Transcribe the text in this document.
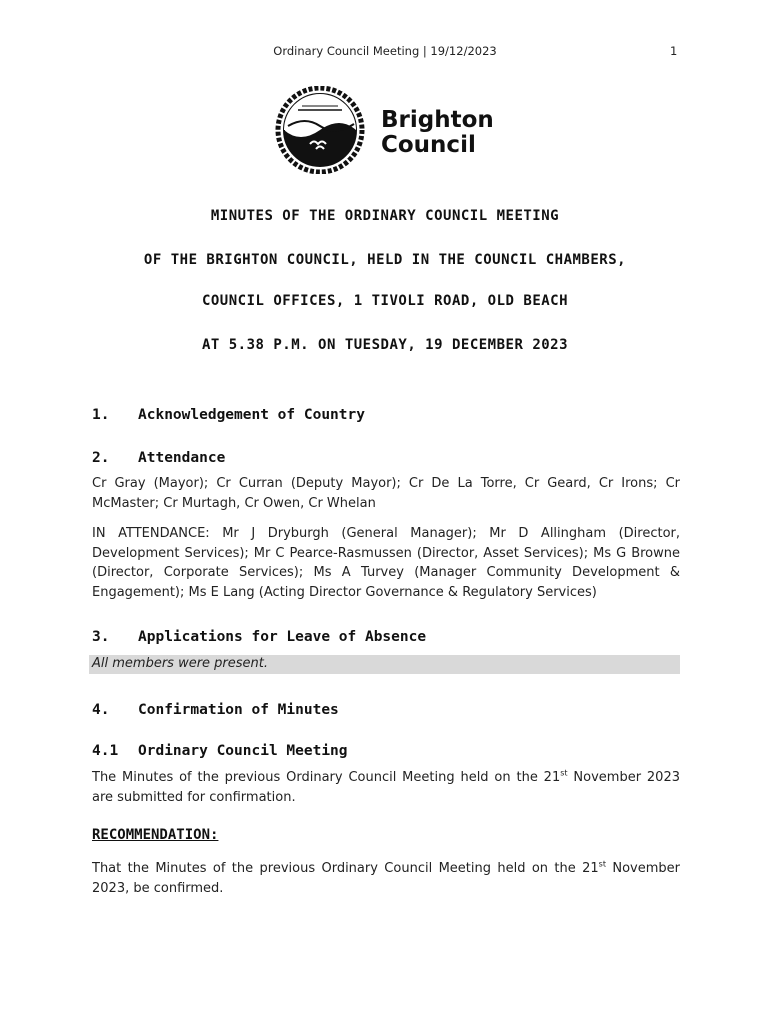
Ordinary Council Meeting | 19/12/2023	1
Brighton
Council
MINUTES OF THE ORDINARY COUNCIL MEETING
OF THE BRIGHTON COUNCIL, HELD IN THE COUNCIL CHAMBERS,
COUNCIL OFFICES, 1 TIVOLI ROAD, OLD BEACH
AT 5.38 P.M. ON TUESDAY, 19 DECEMBER 2023
1. Acknowledgement of Country
2. Attendance
Cr Gray (Mayor); Cr Curran (Deputy Mayor); Cr De La Torre, Cr Geard, Cr Irons; Cr McMaster; Cr Murtagh, Cr Owen, Cr Whelan
IN ATTENDANCE: Mr J Dryburgh (General Manager); Mr D Allingham (Director, Development Services); Mr C Pearce-Rasmussen (Director, Asset Services); Ms G Browne (Director, Corporate Services); Ms A Turvey (Manager Community Development & Engagement); Ms E Lang (Acting Director Governance & Regulatory Services)
3. Applications for Leave of Absence
All members were present.
4. Confirmation of Minutes
4.1 Ordinary Council Meeting
The Minutes of the previous Ordinary Council Meeting held on the 21st November 2023 are submitted for confirmation.
RECOMMENDATION:
That the Minutes of the previous Ordinary Council Meeting held on the 21st November 2023, be confirmed.
